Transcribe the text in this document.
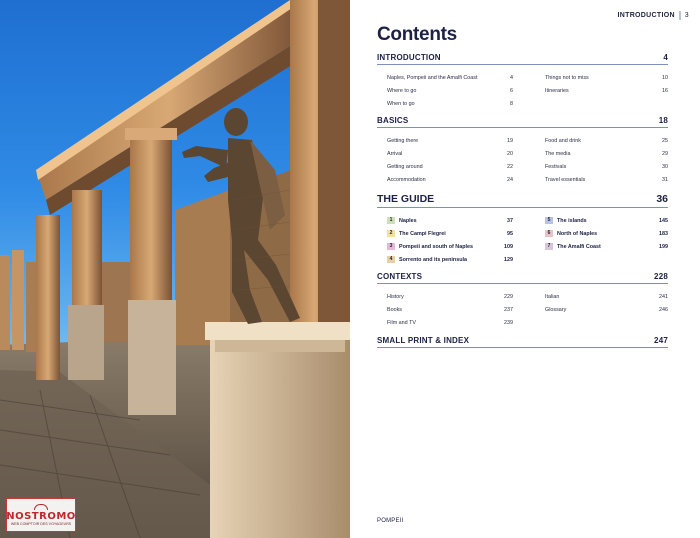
NOSTROMO
WEB COMPTOIR DES VOYAGEURS
INTRODUCTION 3
Contents
INTRODUCTION	4
Naples, Pompeii and the Amalfi Coast	4
Where to go	6
When to go	8
Things not to miss	10
Itineraries	16
BASICS	18
Getting there	19
Arrival	20
Getting around	22
Accommodation	24
Food and drink	25
The media	29
Festivals	30
Travel essentials	31
THE GUIDE	36
1	Naples	37
2	The Campi Flegrei	95
3	Pompeii and south of Naples	109
4	Sorrento and its peninsula	129
5	The islands	145
6	North of Naples	183
7	The Amalfi Coast	199
CONTEXTS	228
History	229
Books	237
Film and TV	239
Italian	241
Glossary	246
SMALL PRINT & INDEX	247
POMPEII
